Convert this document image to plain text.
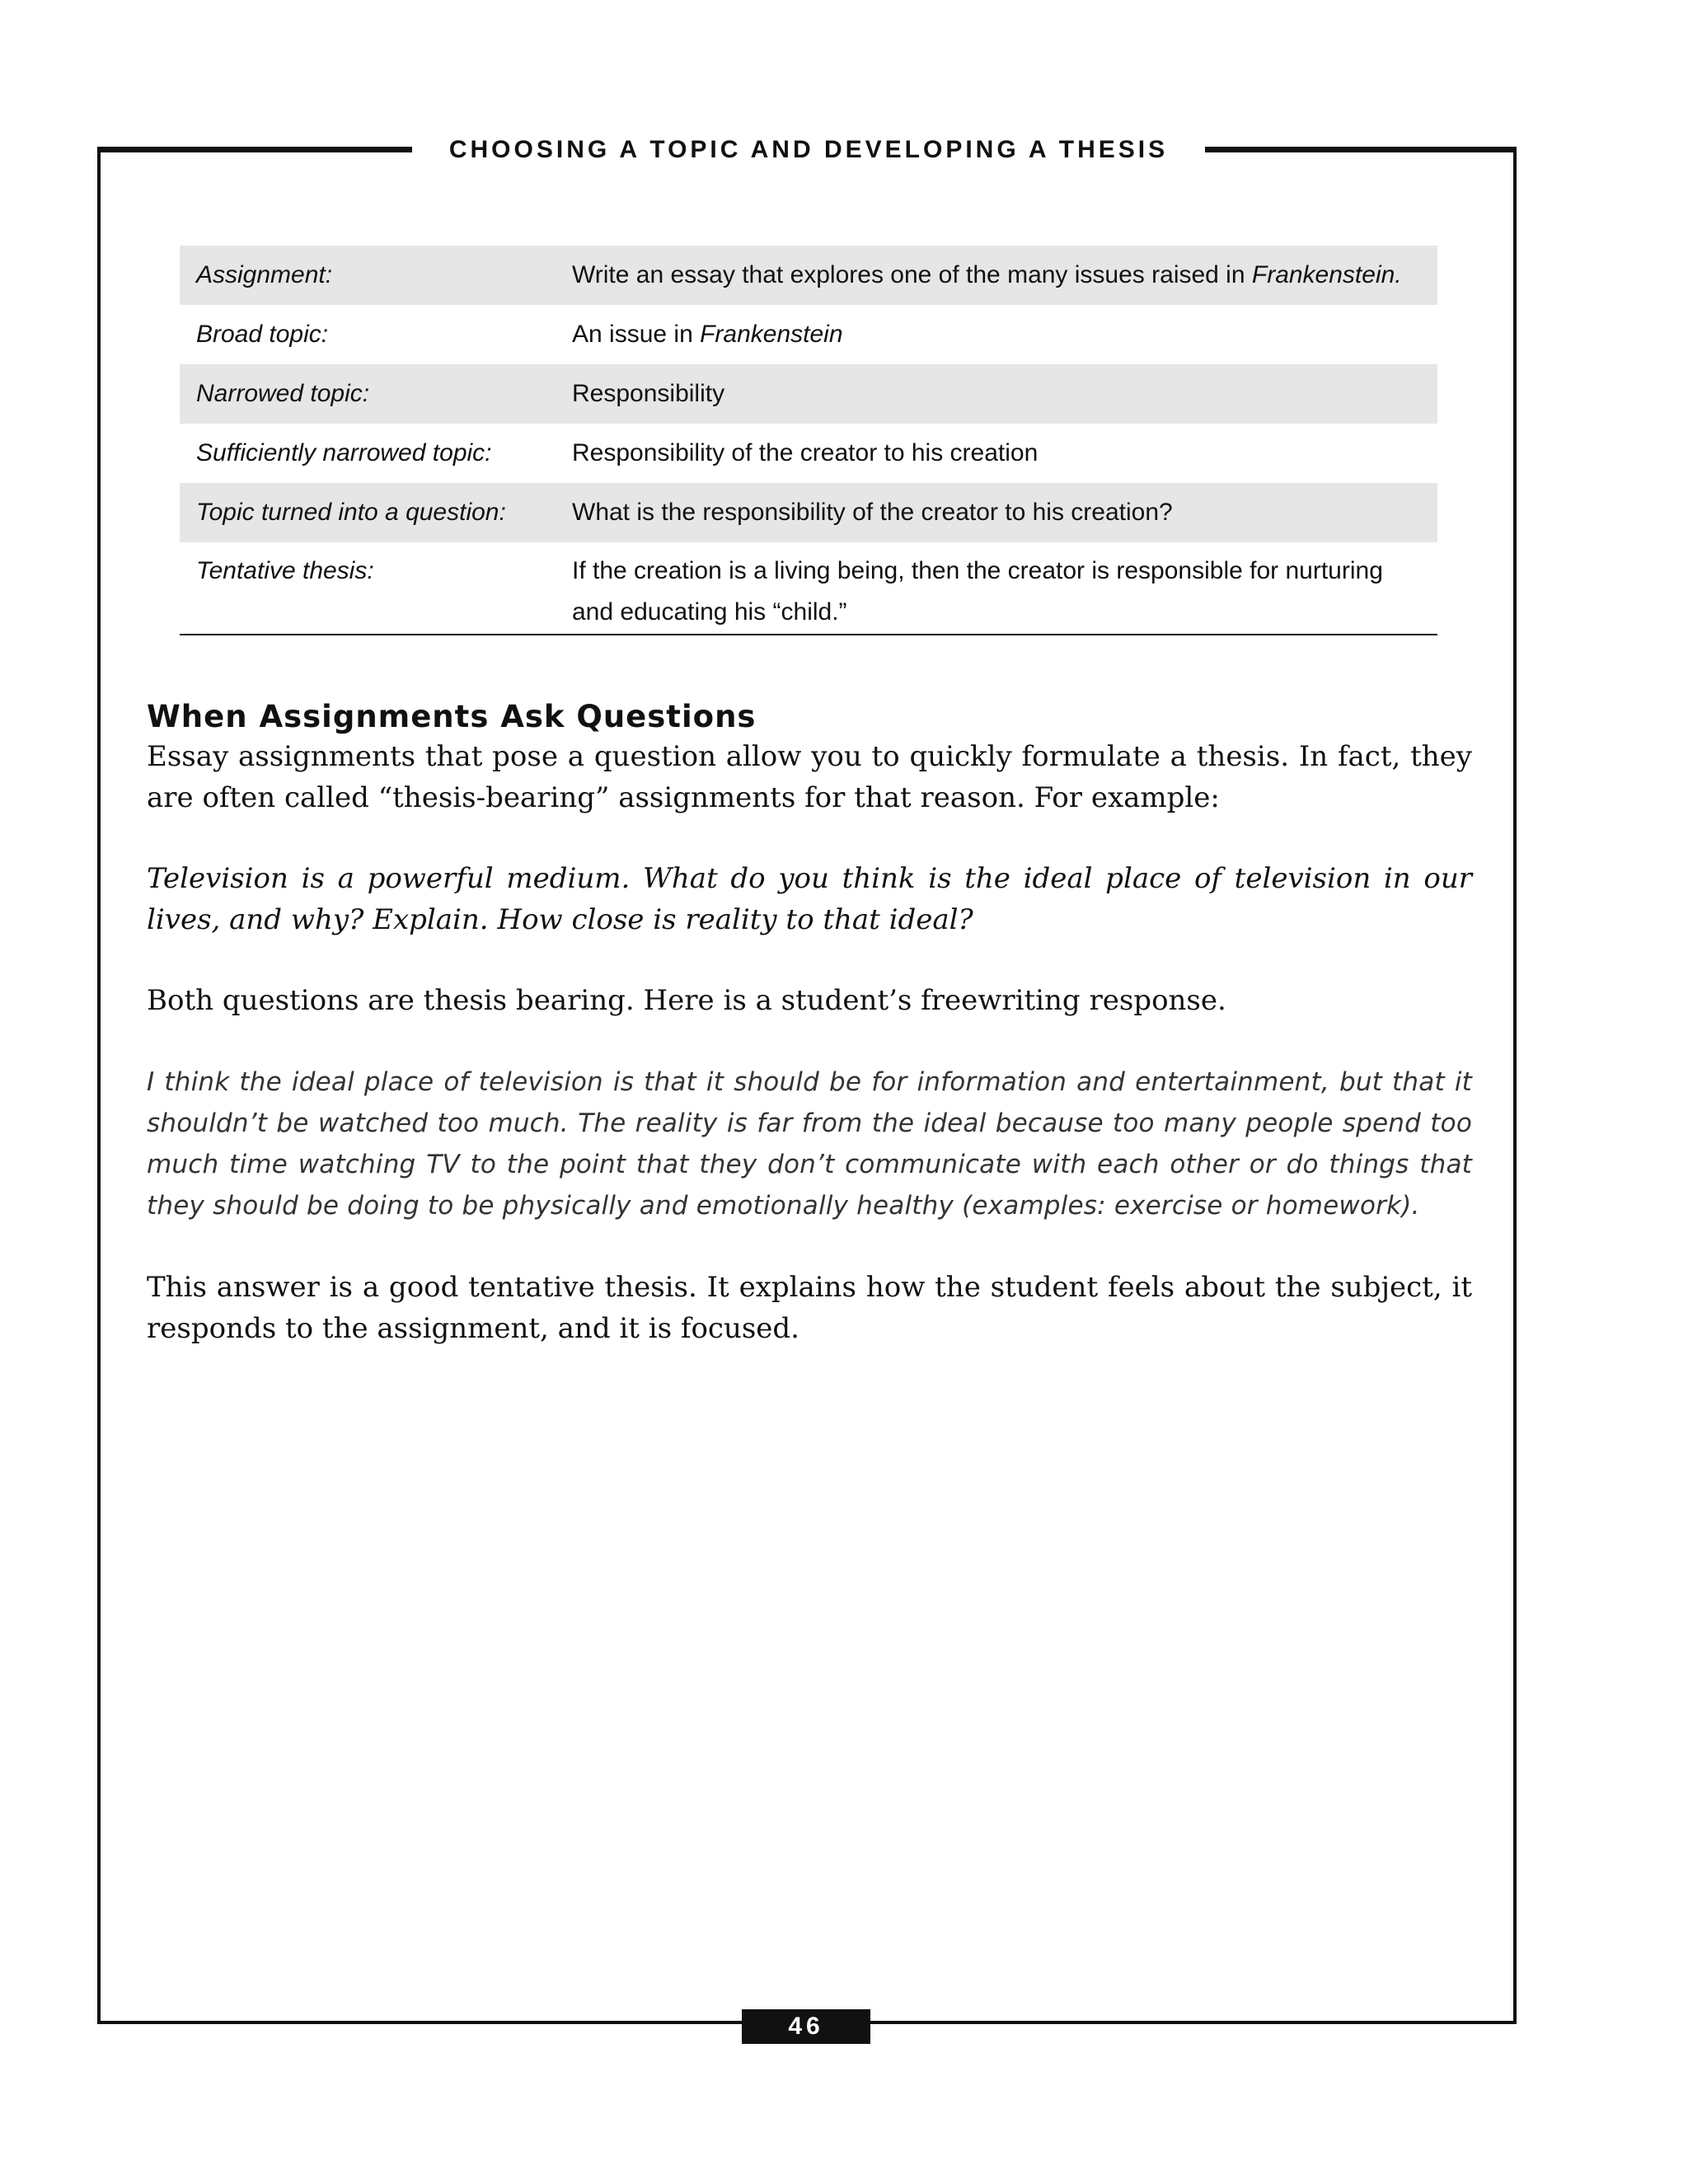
CHOOSING A TOPIC AND DEVELOPING A THESIS
Assignment:	Write an essay that explores one of the many issues raised in Frankenstein.
Broad topic:	An issue in Frankenstein
Narrowed topic:	Responsibility
Sufficiently narrowed topic:	Responsibility of the creator to his creation
Topic turned into a question:	What is the responsibility of the creator to his creation?
Tentative thesis:	If the creation is a living being, then the creator is responsible for nurturing and educating his “child.”
When Assignments Ask Questions
Essay assignments that pose a question allow you to quickly formulate a thesis. In fact, they are often called “thesis-bearing” assignments for that reason. For example:
Television is a powerful medium. What do you think is the ideal place of television in our lives, and why? Explain. How close is reality to that ideal?
Both questions are thesis bearing. Here is a student’s freewriting response.
I think the ideal place of television is that it should be for information and entertainment, but that it shouldn’t be watched too much. The reality is far from the ideal because too many people spend too much time watching TV to the point that they don’t communicate with each other or do things that they should be doing to be physically and emotionally healthy (examples: exercise or homework).
This answer is a good tentative thesis. It explains how the student feels about the subject, it responds to the assignment, and it is focused.
46
